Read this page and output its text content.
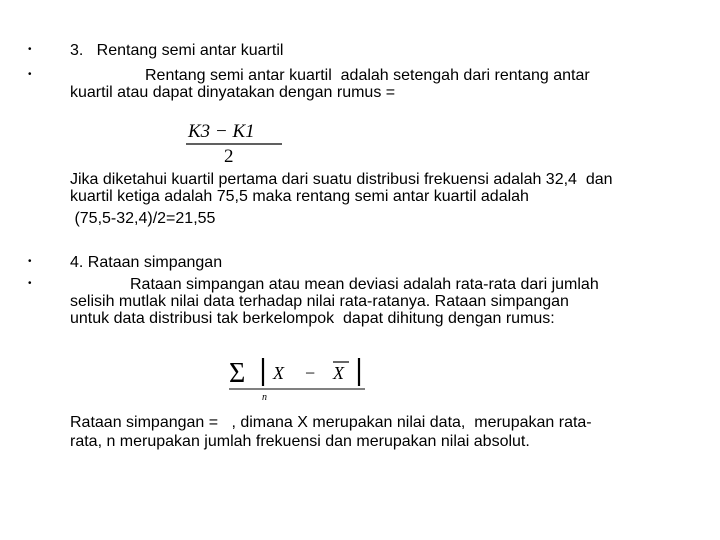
• 3.   Rentang semi antar kuartil
•	Rentang semi antar kuartil  adalah setengah dari rentang antar
kuartil atau dapat dinyatakan dengan rumus =
K3 − K1
2
Jika diketahui kuartil pertama dari suatu distribusi frekuensi adalah 32,4  dan
kuartil ketiga adalah 75,5 maka rentang semi antar kuartil adalah
(75,5-32,4)/2=21,55
• 4. Rataan simpangan
•	Rataan simpangan atau mean deviasi adalah rata-rata dari jumlah
selisih mutlak nilai data terhadap nilai rata-ratanya. Rataan simpangan
untuk data distribusi tak berkelompok  dapat dihitung dengan rumus:
Σ X − X
n
Rataan simpangan =   , dimana X merupakan nilai data,  merupakan rata-
rata, n merupakan jumlah frekuensi dan merupakan nilai absolut.
